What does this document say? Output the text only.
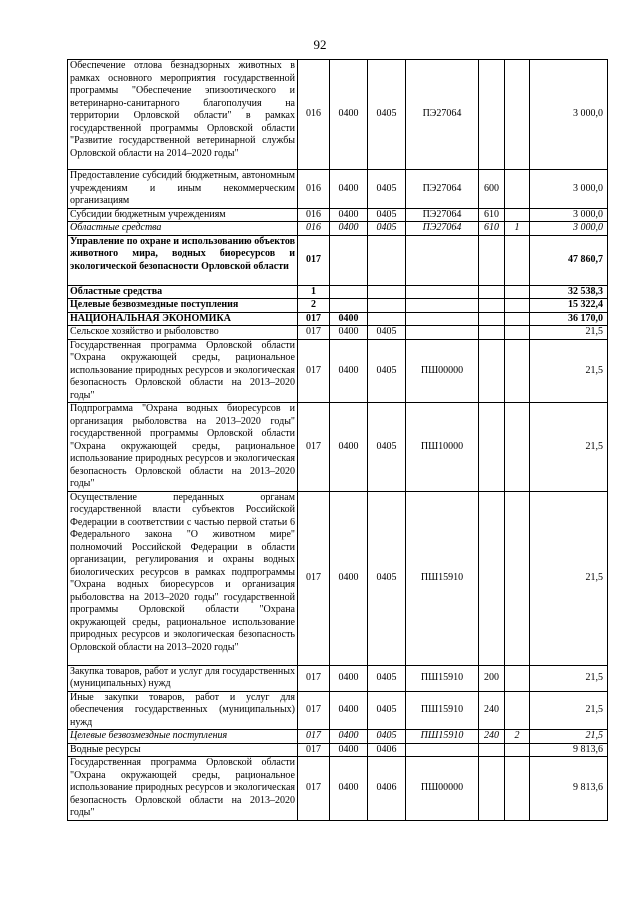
92
Обеспечение отлова безнадзорных животных в рамках основного мероприятия государственной программы "Обеспечение эпизоотического и ветеринарно-санитарного благополучия на территории Орловской области" в рамках государственной программы Орловской области "Развитие государственной ветеринарной службы Орловской области на 2014–2020 годы"	016	0400	0405	ПЭ27064			3 000,0
Предоставление субсидий бюджетным, автономным учреждениям и иным некоммерческим организациям	016	0400	0405	ПЭ27064	600		3 000,0
Субсидии бюджетным учреждениям	016	0400	0405	ПЭ27064	610		3 000,0
Областные средства	016	0400	0405	ПЭ27064	610	1	3 000,0
Управление по охране и использованию объектов животного мира, водных биоресурсов и экологической безопасности Орловской области	017						47 860,7
Областные средства	1						32 538,3
Целевые безвозмездные поступления	2						15 322,4
НАЦИОНАЛЬНАЯ ЭКОНОМИКА	017	0400					36 170,0
Сельское хозяйство и рыболовство	017	0400	0405				21,5
Государственная программа Орловской области "Охрана окружающей среды, рациональное использование природных ресурсов и экологическая безопасность Орловской области на 2013–2020 годы"	017	0400	0405	ПШ00000			21,5
Подпрограмма "Охрана водных биоресурсов и организация рыболовства на 2013–2020 годы" государственной программы Орловской области "Охрана окружающей среды, рациональное использование природных ресурсов и экологическая безопасность Орловской области на 2013–2020 годы"	017	0400	0405	ПШ10000			21,5
Осуществление переданных органам государственной власти субъектов Российской Федерации в соответствии с частью первой статьи 6 Федерального закона "О животном мире" полномочий Российской Федерации в области организации, регулирования и охраны водных биологических ресурсов в рамках подпрограммы "Охрана водных биоресурсов и организация рыболовства на 2013–2020 годы" государственной программы Орловской области "Охрана окружающей среды, рациональное использование природных ресурсов и экологическая безопасность Орловской области на 2013–2020 годы"	017	0400	0405	ПШ15910			21,5
Закупка товаров, работ и услуг для государственных (муниципальных) нужд	017	0400	0405	ПШ15910	200		21,5
Иные закупки товаров, работ и услуг для обеспечения государственных (муниципальных) нужд	017	0400	0405	ПШ15910	240		21,5
Целевые безвозмездные поступления	017	0400	0405	ПШ15910	240	2	21,5
Водные ресурсы	017	0400	0406				9 813,6
Государственная программа Орловской области "Охрана окружающей среды, рациональное использование природных ресурсов и экологическая безопасность Орловской области на 2013–2020 годы"	017	0400	0406	ПШ00000			9 813,6
